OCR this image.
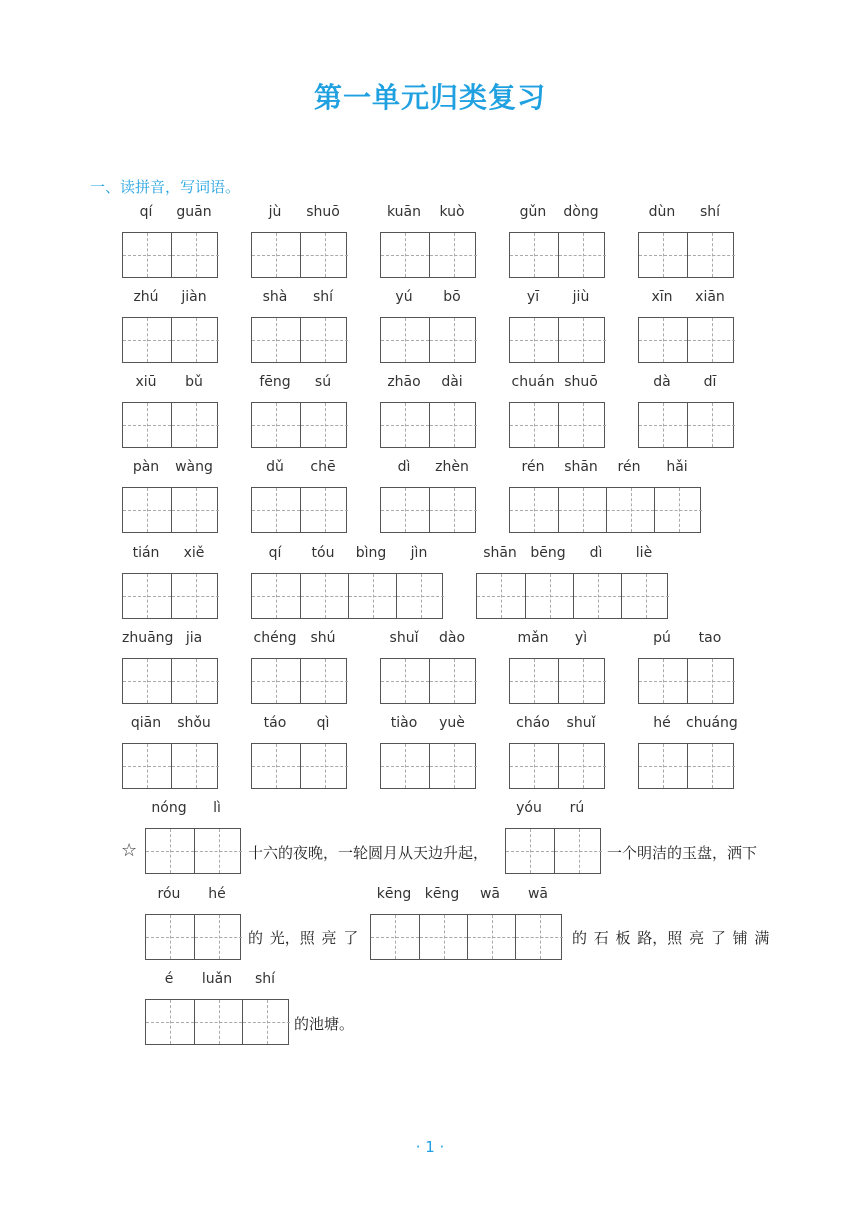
第一单元归类复习
一、读拼音，写词语。
qí	guān	jù	shuō	kuān	kuò	gǔn	dòng	dùn	shí
zhú	jiàn	shà	shí	yú	bō	yī	jiù	xīn	xiān
xiū	bǔ	fēng	sú	zhāo	dài	chuán shuō	dà	dī
pàn	wàng	dǔ	chē	dì	zhèn	rén	shān	rén	hǎi
tián	xiě	qí	tóu	bìng	jìn	shān bēng	dì	liè
zhuāng jia	chéng	shú	shuǐ	dào	mǎn	yì	pú	tao
qiān	shǒu	táo	qì	tiào	yuè	cháo	shuǐ	hé	chuáng
nóng	lì	yóu	rú
róu	hé	kēng kēng	wā	wā
é	luǎn	shí
☆	十六的夜晚，一轮圆月从天边升起，	一个明洁的玉盘，洒下
的 光，照 亮 了	的 石 板 路，照 亮 了 铺 满
的池塘。
· 1 ·
